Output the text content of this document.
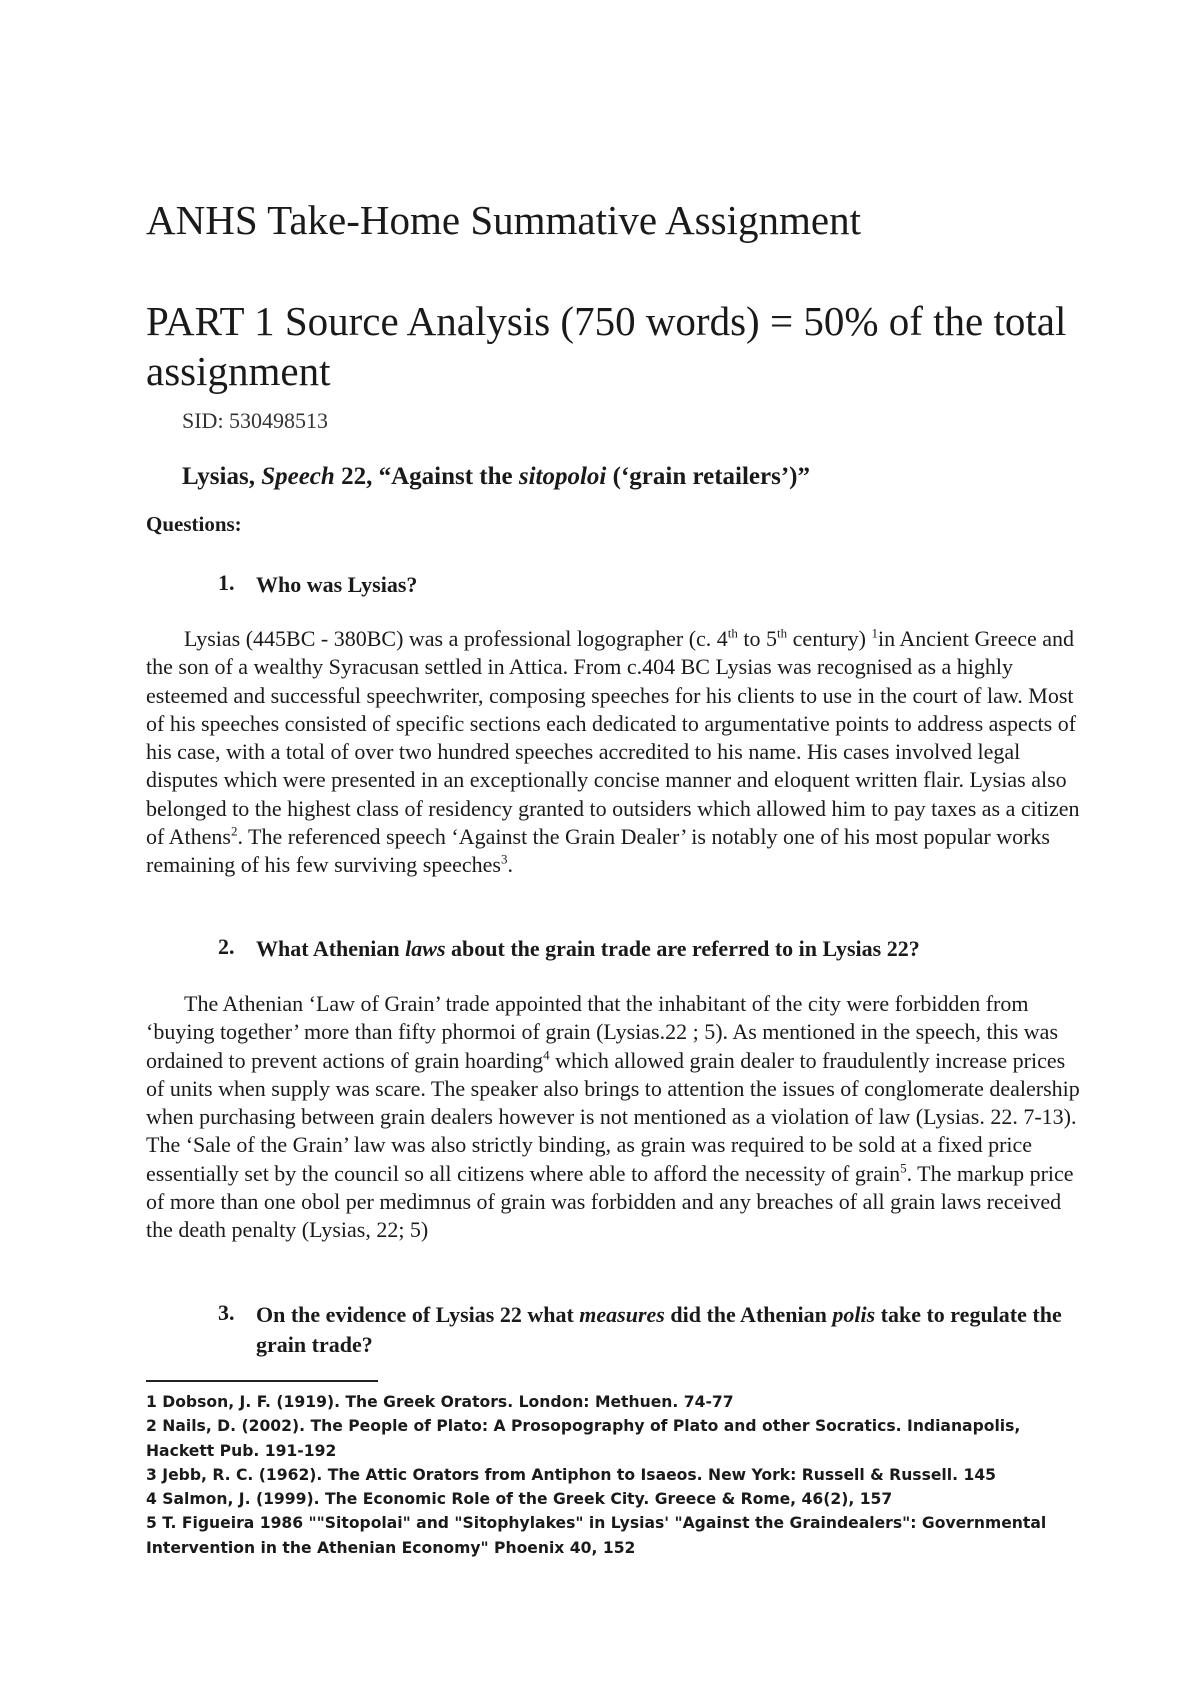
ANHS Take-Home Summative Assignment
PART 1 Source Analysis (750 words) = 50% of the total assignment
SID: 530498513
Lysias, Speech 22, “Against the sitopoloi (‘grain retailers’)”
Questions:
1. Who was Lysias?
Lysias (445BC - 380BC) was a professional logographer (c. 4th to 5th century) $^1$in Ancient Greece and the son of a wealthy Syracusan settled in Attica. From c.404 BC Lysias was recognised as a highly esteemed and successful speechwriter, composing speeches for his clients to use in the court of law. Most of his speeches consisted of specific sections each dedicated to argumentative points to address aspects of his case, with a total of over two hundred speeches accredited to his name. His cases involved legal disputes which were presented in an exceptionally concise manner and eloquent written flair. Lysias also belonged to the highest class of residency granted to outsiders which allowed him to pay taxes as a citizen of Athens$^2$. The referenced speech ‘Against the Grain Dealer’ is notably one of his most popular works remaining of his few surviving speeches$^3$.
2. What Athenian laws about the grain trade are referred to in Lysias 22?
The Athenian ‘Law of Grain’ trade appointed that the inhabitant of the city were forbidden from ‘buying together’ more than fifty phormoi of grain (Lysias.22 ; 5). As mentioned in the speech, this was ordained to prevent actions of grain hoarding$^4$ which allowed grain dealer to fraudulently increase prices of units when supply was scare. The speaker also brings to attention the issues of conglomerate dealership when purchasing between grain dealers however is not mentioned as a violation of law (Lysias. 22. 7-13). The ‘Sale of the Grain’ law was also strictly binding, as grain was required to be sold at a fixed price essentially set by the council so all citizens where able to afford the necessity of grain$^5$. The markup price of more than one obol per medimnus of grain was forbidden and any breaches of all grain laws received the death penalty (Lysias, 22; 5)
3. On the evidence of Lysias 22 what measures did the Athenian polis take to regulate the grain trade?
1 Dobson, J. F. (1919). The Greek Orators. London: Methuen. 74-77
2 Nails, D. (2002). The People of Plato: A Prosopography of Plato and other Socratics. Indianapolis, Hackett Pub. 191-192
3 Jebb, R. C. (1962). The Attic Orators from Antiphon to Isaeos. New York: Russell & Russell. 145
4 Salmon, J. (1999). The Economic Role of the Greek City. Greece & Rome, 46(2), 157
5 T. Figueira 1986 ""Sitopolai" and "Sitophylakes" in Lysias' "Against the Graindealers": Governmental Intervention in the Athenian Economy" Phoenix 40, 152
